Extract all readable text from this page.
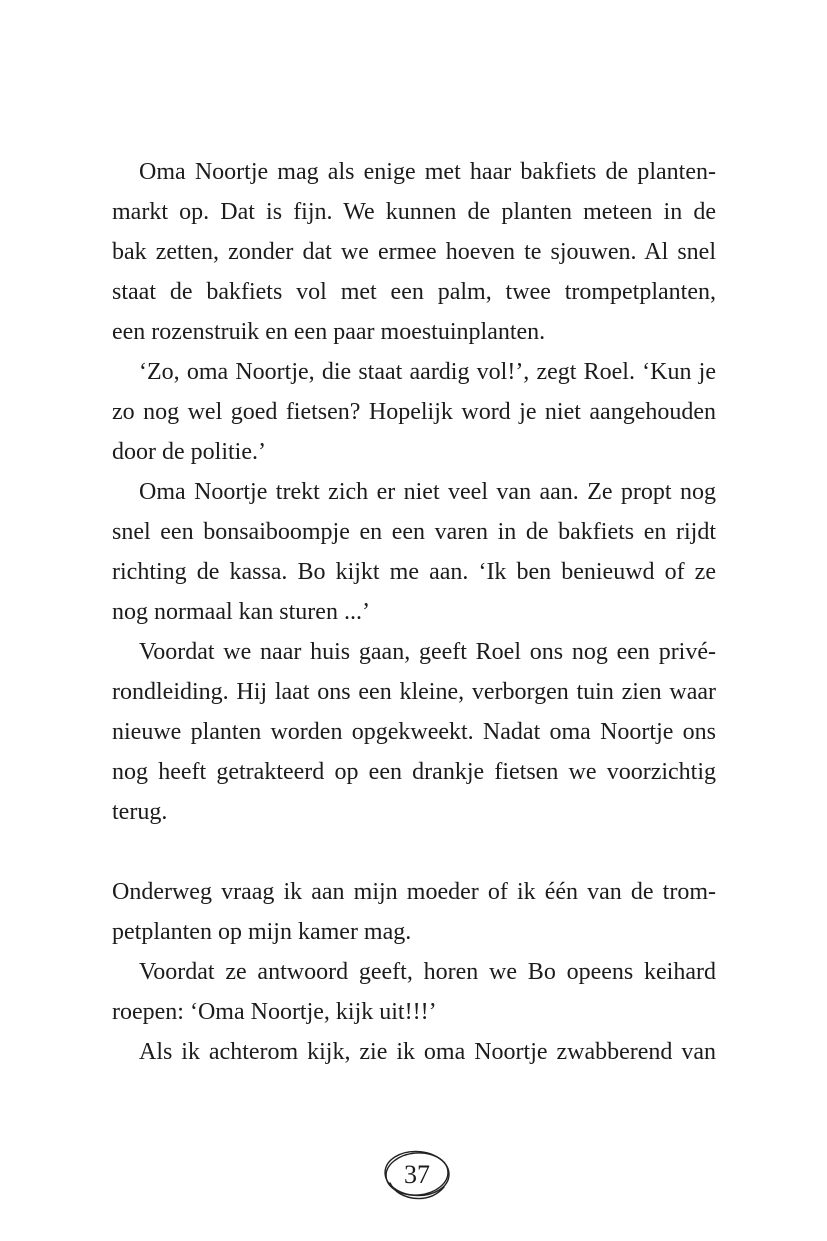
Oma Noortje mag als enige met haar bakfiets de planten-
markt op. Dat is fijn. We kunnen de planten meteen in de
bak zetten, zonder dat we ermee hoeven te sjouwen. Al snel
staat de bakfiets vol met een palm, twee trompetplanten,
een rozenstruik en een paar moestuinplanten.
‘Zo, oma Noortje, die staat aardig vol!’, zegt Roel. ‘Kun je
zo nog wel goed fietsen? Hopelijk word je niet aangehouden
door de politie.’
Oma Noortje trekt zich er niet veel van aan. Ze propt nog
snel een bonsaiboompje en een varen in de bakfiets en rijdt
richting de kassa. Bo kijkt me aan. ‘Ik ben benieuwd of ze
nog normaal kan sturen ...’
Voordat we naar huis gaan, geeft Roel ons nog een privé-
rondleiding. Hij laat ons een kleine, verborgen tuin zien waar
nieuwe planten worden opgekweekt. Nadat oma Noortje ons
nog heeft getrakteerd op een drankje fietsen we voorzichtig
terug.
Onderweg vraag ik aan mijn moeder of ik één van de trom-
petplanten op mijn kamer mag.
Voordat ze antwoord geeft, horen we Bo opeens keihard
roepen: ‘Oma Noortje, kijk uit!!!’
Als ik achterom kijk, zie ik oma Noortje zwabberend van
37
